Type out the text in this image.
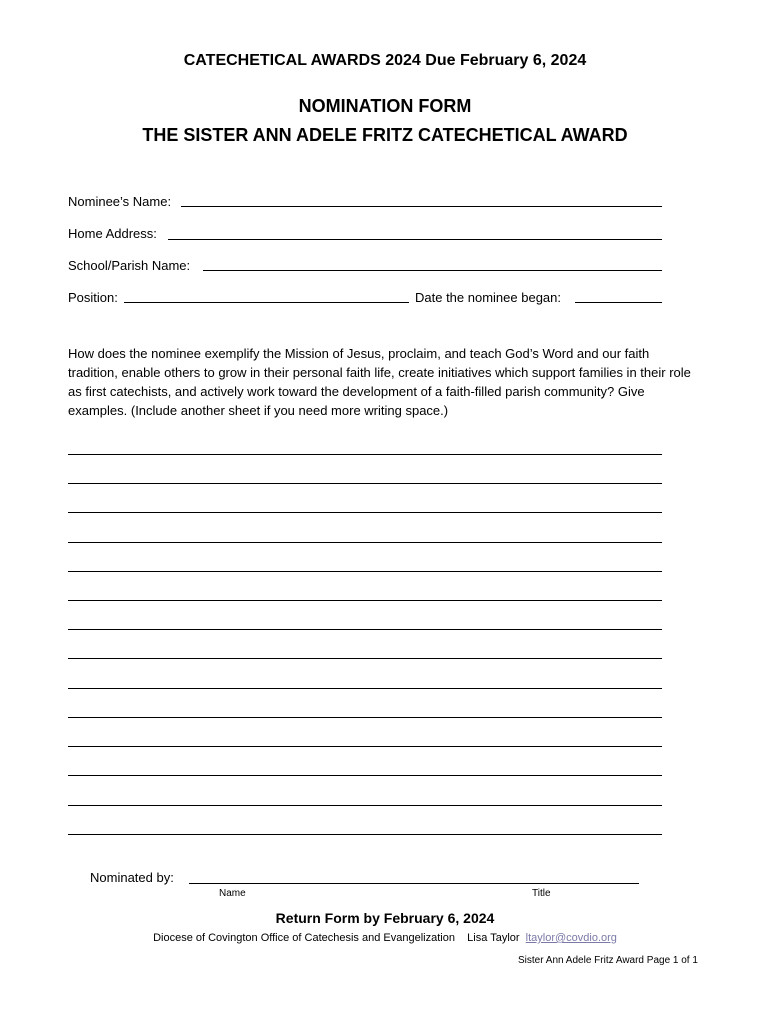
CATECHETICAL AWARDS 2024 Due February 6, 2024
NOMINATION FORM
THE SISTER ANN ADELE FRITZ CATECHETICAL AWARD
Nominee’s Name:
Home Address:
School/Parish Name:
Position:	Date the nominee began:
How does the nominee exemplify the Mission of Jesus, proclaim, and teach God’s Word and our faith tradition, enable others to grow in their personal faith life, create initiatives which support families in their role as first catechists, and actively work toward the development of a faith-filled parish community? Give examples. (Include another sheet if you need more writing space.)
Nominated by:
Name	Title
Return Form by February 6, 2024
Diocese of Covington Office of Catechesis and Evangelization    Lisa Taylor  ltaylor@covdio.org
Sister Ann Adele Fritz Award Page 1 of 1
